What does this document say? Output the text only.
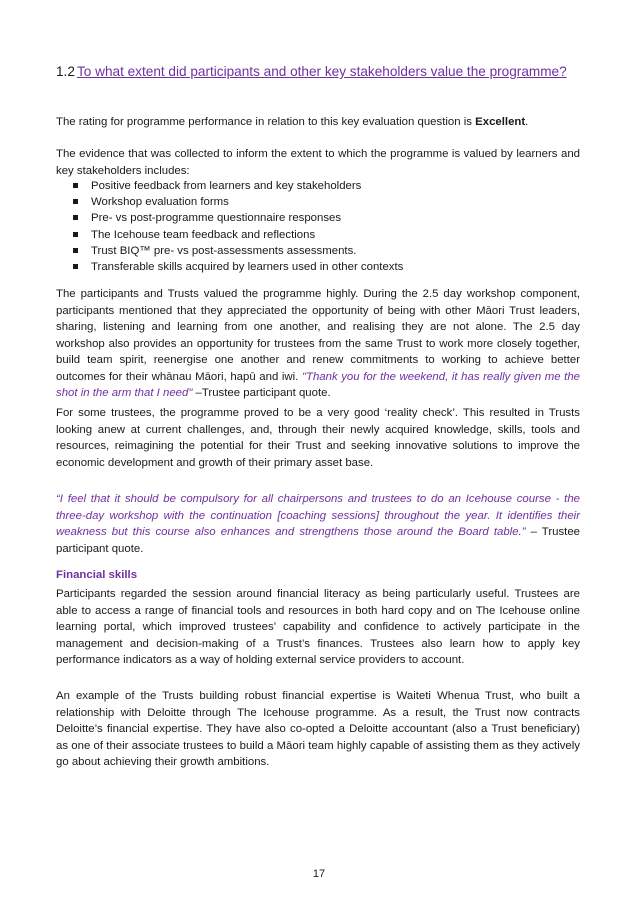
1.2 To what extent did participants and other key stakeholders value the programme?

The rating for programme performance in relation to this key evaluation question is Excellent.

The evidence that was collected to inform the extent to which the programme is valued by learners and key stakeholders includes:

Positive feedback from learners and key stakeholders
Workshop evaluation forms
Pre- vs post-programme questionnaire responses
The Icehouse team feedback and reflections
Trust BIQ™ pre- vs post-assessments assessments.
Transferable skills acquired by learners used in other contexts

The participants and Trusts valued the programme highly. During the 2.5 day workshop component, participants mentioned that they appreciated the opportunity of being with other Māori Trust leaders, sharing, listening and learning from one another, and realising they are not alone. The 2.5 day workshop also provides an opportunity for trustees from the same Trust to work more closely together, build team spirit, reenergise one another and renew commitments to working to achieve better outcomes for their whānau Māori, hapū and iwi. "Thank you for the weekend, it has really given me the shot in the arm that I need" –Trustee participant quote.

For some trustees, the programme proved to be a very good ‘reality check’. This resulted in Trusts looking anew at current challenges, and, through their newly acquired knowledge, skills, tools and resources, reimagining the potential for their Trust and seeking innovative solutions to improve the economic development and growth of their primary asset base.

“I feel that it should be compulsory for all chairpersons and trustees to do an Icehouse course - the three-day workshop with the continuation [coaching sessions] throughout the year. It identifies their weakness but this course also enhances and strengthens those around the Board table.” – Trustee participant quote.

Financial skills

Participants regarded the session around financial literacy as being particularly useful. Trustees are able to access a range of financial tools and resources in both hard copy and on The Icehouse online learning portal, which improved trustees’ capability and confidence to actively participate in the management and decision-making of a Trust’s finances. Trustees also learn how to apply key performance indicators as a way of holding external service providers to account.

An example of the Trusts building robust financial expertise is Waiteti Whenua Trust, who built a relationship with Deloitte through The Icehouse programme. As a result, the Trust now contracts Deloitte’s financial expertise. They have also co-opted a Deloitte accountant (also a Trust beneficiary) as one of their associate trustees to build a Māori team highly capable of assisting them as they actively go about achieving their growth ambitions.

17
